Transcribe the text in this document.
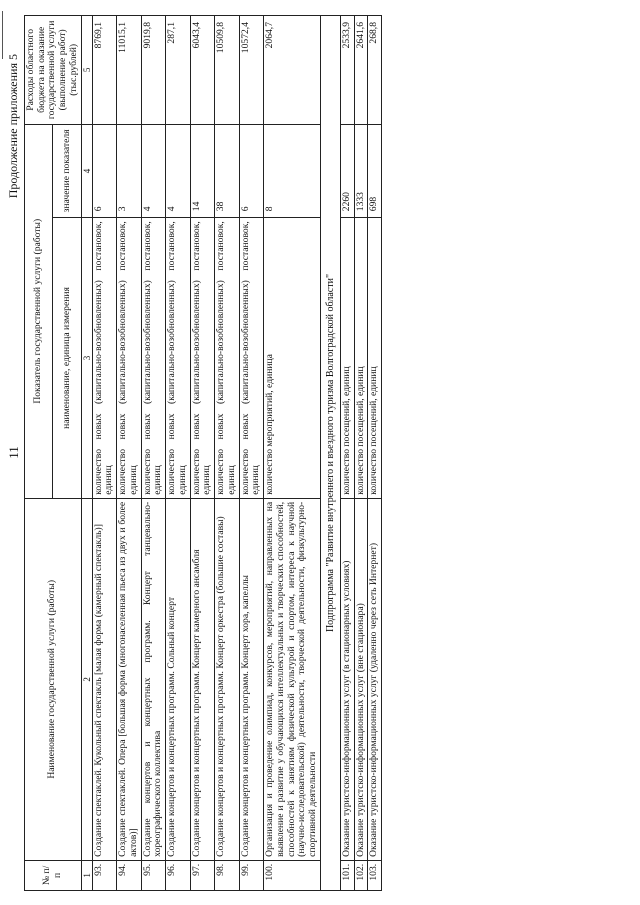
11
Продолжение приложения 5
№ п/п	Наименование государственной услуги (работы)	Показатель государственной услуги (работы)		Расходы областного бюджета на оказание государственной услуги (выполнение работ) (тыс.рублей)
		наименование, единица измерения	значение показателя	
1	2	3	4	5
93.	Создание спектаклей. Кукольный спектакль [малая форма (камерный спектакль)]	количество новых (капитально-возобновленных) постановок, единиц	6	8769,1
94.	Создание спектаклей. Опера [большая форма (многонаселенная пьеса из двух и более актов)]	количество новых (капитально-возобновленных) постановок, единиц	3	11015,1
95.	Создание концертов и концертных программ. Концерт танцевально-хореографического коллектива	количество новых (капитально-возобновленных) постановок, единиц	4	9019,8
96.	Создание концертов и концертных программ. Сольный концерт	количество новых (капитально-возобновленных) постановок, единиц	4	287,1
97.	Создание концертов и концертных программ. Концерт камерного ансамбля	количество новых (капитально-возобновленных) постановок, единиц	14	6043,4
98.	Создание концертов и концертных программ. Концерт оркестра (большие составы)	количество новых (капитально-возобновленных) постановок, единиц	38	10509,8
99.	Создание концертов и концертных программ. Концерт хора, капеллы	количество новых (капитально-возобновленных) постановок, единиц	6	10572,4
100.	Организация и проведение олимпиад, конкурсов, мероприятий, направленных на выявление и развитие у обучающихся интеллектуальных и творческих способностей, способностей к занятиям физической культурой и спортом, интереса к научной (научно-исследовательской) деятельности, творческой деятельности, физкультурно-спортивной деятельности	количество мероприятий, единица	8	2064,7
Подпрограмма "Развитие внутреннего и въездного туризма Волгоградской области"				
101.	Оказание туристско-информационных услуг (в стационарных условиях)	количество посещений, единиц	2260	2533,9
102.	Оказание туристско-информационных услуг (вне стационара)	количество посещений, единиц	1333	2641,6
103.	Оказание туристско-информационных услуг (удаленно через сеть Интернет)	количество посещений, единиц	698	268,8
